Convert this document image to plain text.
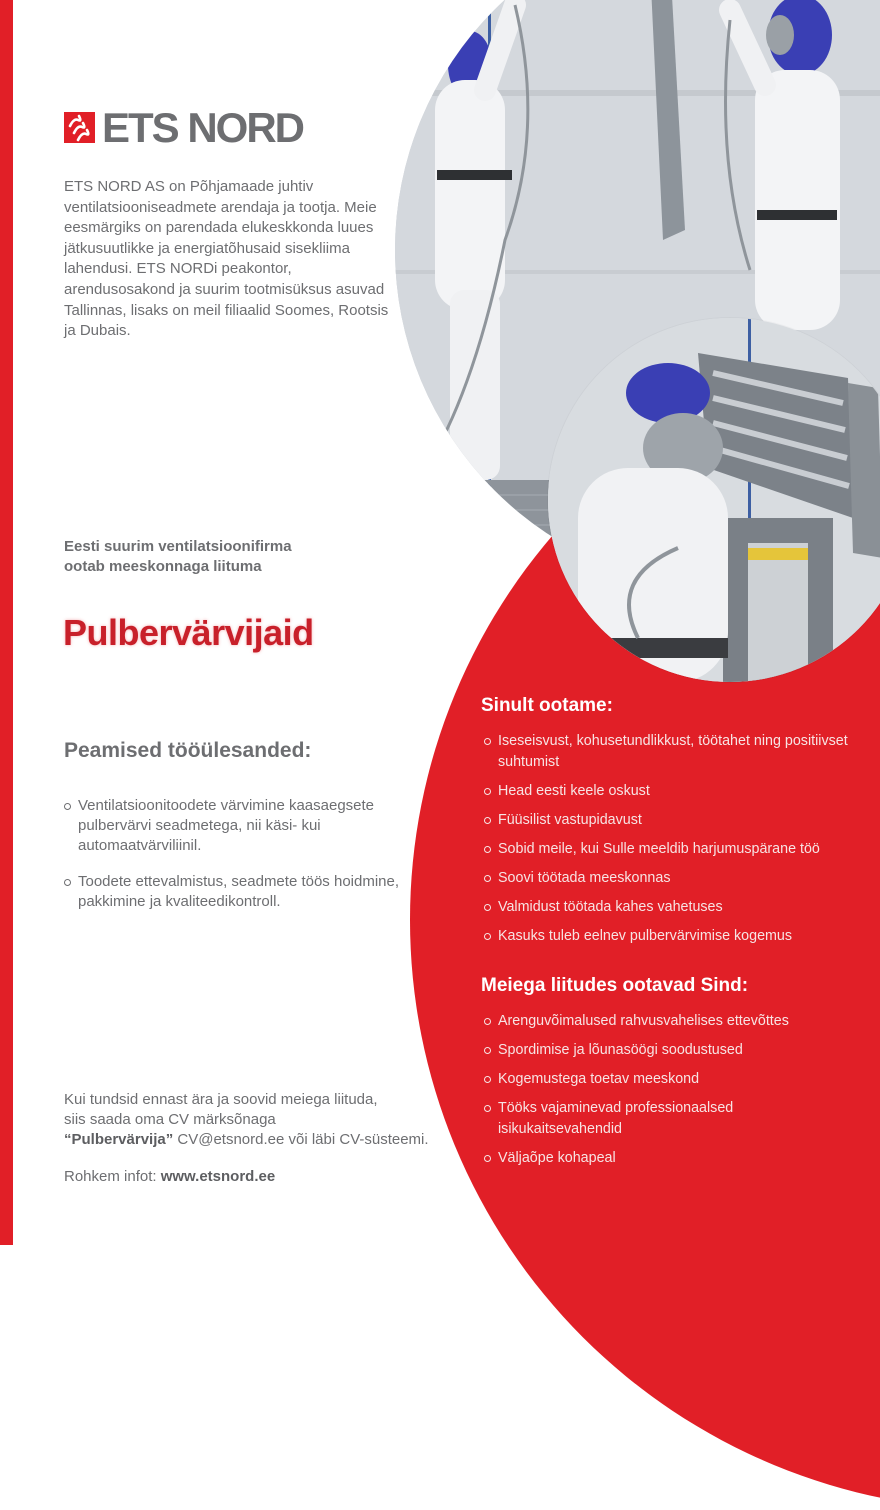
ETS NORD

ETS NORD AS on Põhjamaade juhtiv ventilatsiooniseadmete arendaja ja tootja. Meie eesmärgiks on parendada elukeskkonda luues jätkusuutlikke ja energiatõhusaid sisekliima lahendusi. ETS NORDi peakontor, arendusosakond ja suurim tootmisüksus asuvad Tallinnas, lisaks on meil filiaalid Soomes, Rootsis ja Dubais.

Eesti suurim ventilatsioonifirma
ootab meeskonnaga liituma

Pulbervärvijaid
Peamised tööülesanded:
Ventilatsioonitoodete värvimine kaasaegsete pulbervärvi seadmetega, nii käsi- kui automaatvärviliinil.
Toodete ettevalmistus, seadmete töös hoidmine, pakkimine ja kvaliteedikontroll.

Kui tundsid ennast ära ja soovid meiega liituda,
siis saada oma CV märksõnaga
“Pulbervärvija” CV@etsnord.ee või läbi CV-süsteemi.

Rohkem infot: www.etsnord.ee

Sinult ootame:
Iseseisvust, kohusetundlikkust, töötahet ning positiivset suhtumist
Head eesti keele oskust
Füüsilist vastupidavust
Sobid meile, kui Sulle meeldib harjumuspärane töö
Soovi töötada meeskonnas
Valmidust töötada kahes vahetuses
Kasuks tuleb eelnev pulbervärvimise kogemus
Meiega liitudes ootavad Sind:
Arenguvõimalused rahvusvahelises ettevõttes
Spordimise ja lõunasöögi soodustused
Kogemustega toetav meeskond
Tööks vajaminevad professionaalsed isikukaitsevahendid
Väljaõpe kohapeal
